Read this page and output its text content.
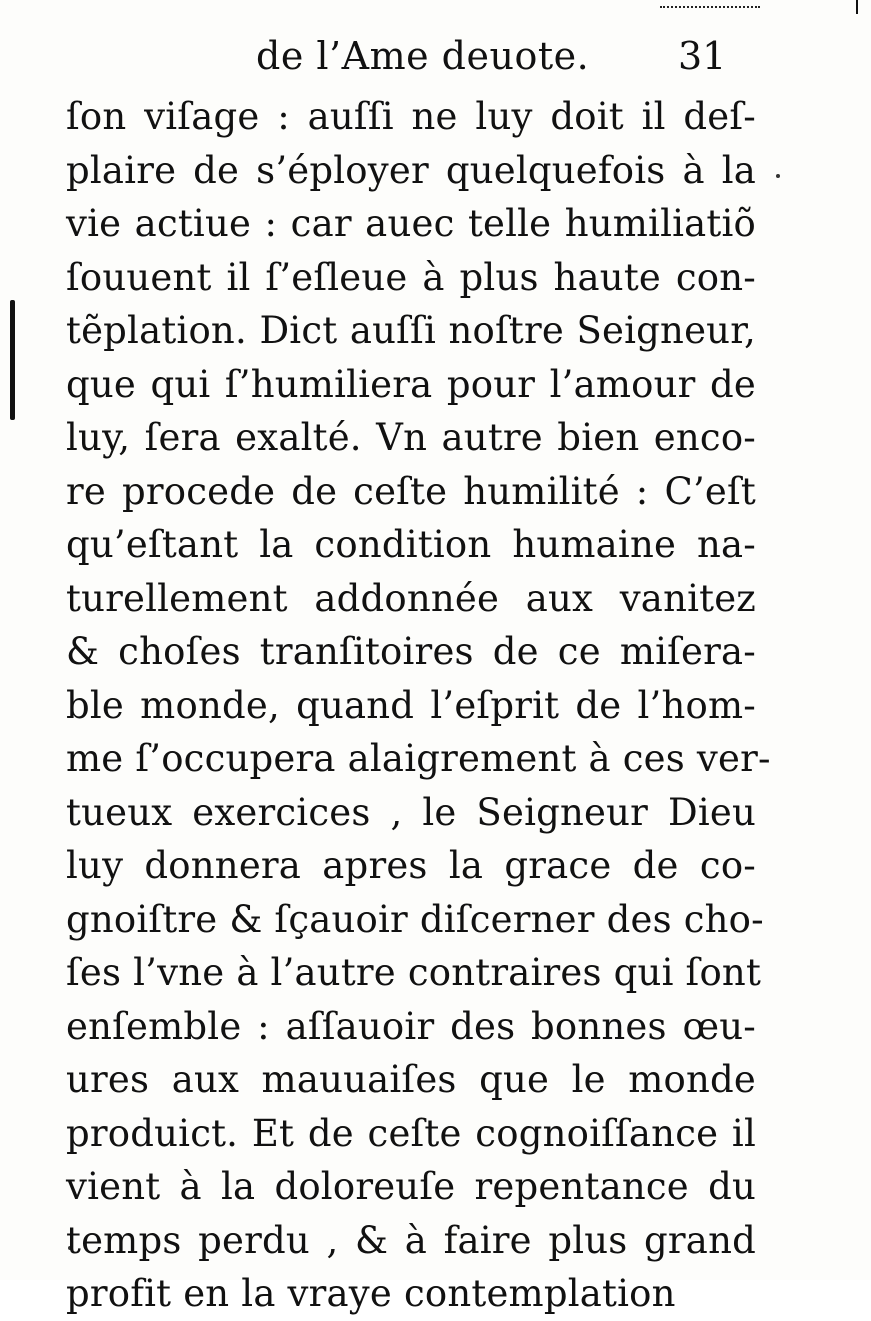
de l’Ame deuote. 31
ſon viſage : auſſi ne luy doit il deſ-
plaire de s’éployer quelquefois à la
vie actiue : car auec telle humiliatiõ
ſouuent il ſ’eſleue à plus haute con-
tẽplation. Dict auſſi noſtre Seigneur,
que qui ſ’humiliera pour l’amour de
luy, ſera exalté. Vn autre bien enco-
re procede de ceſte humilité : C’eſt
qu’eſtant la condition humaine na-
turellement addonnée aux vanitez
& choſes tranſitoires de ce miſera-
ble monde, quand l’eſprit de l’hom-
me ſ’occupera alaigrement à ces ver-
tueux exercices , le Seigneur Dieu
luy donnera apres la grace de co-
gnoiſtre & ſçauoir diſcerner des cho-
ſes l’vne à l’autre contraires qui ſont
enſemble : aſſauoir des bonnes œu-
ures aux mauuaiſes que le monde
produict. Et de ceſte cognoiſſance il
vient à la doloreuſe repentance du
temps perdu , & à faire plus grand
profit en la vraye contemplation
